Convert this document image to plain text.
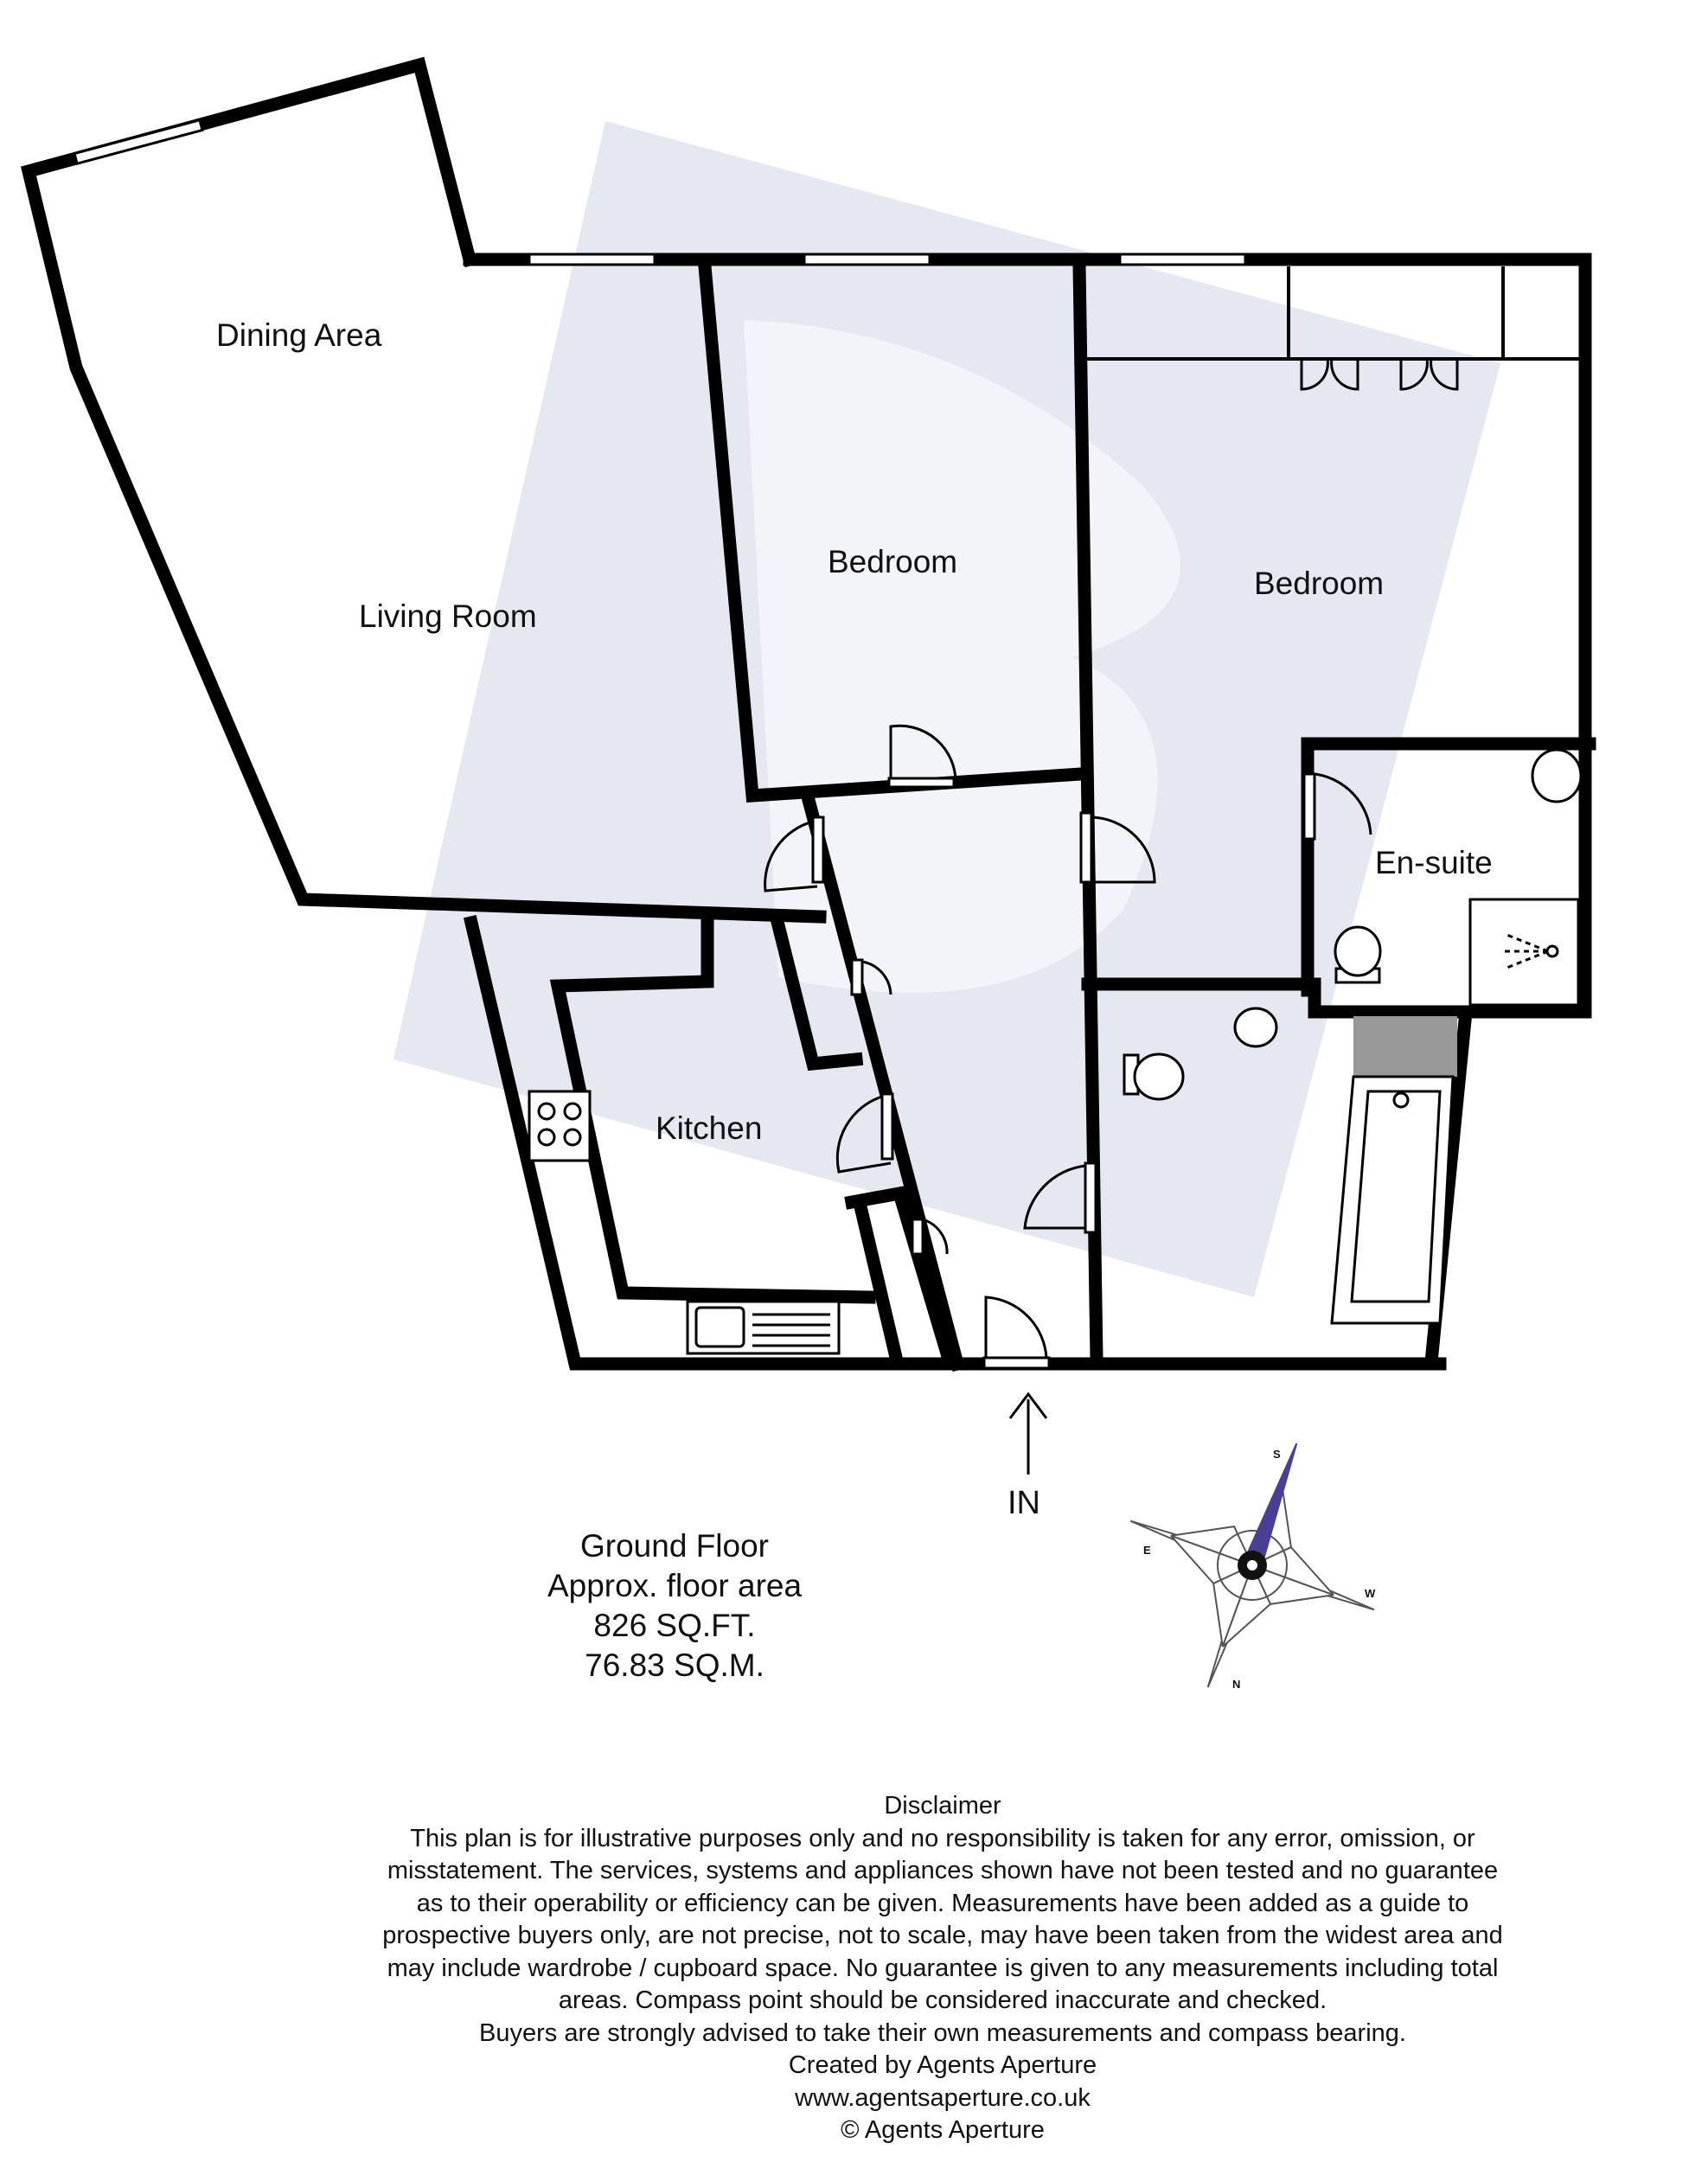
Dining Area
Living Room
Bedroom
Bedroom
En-suite
Kitchen
IN
S
E
W
N
Ground Floor
Approx. floor area
826 SQ.FT.
76.83 SQ.M.
Disclaimer
This plan is for illustrative purposes only and no responsibility is taken for any error, omission, or
misstatement. The services, systems and appliances shown have not been tested and no guarantee
as to their operability or efficiency can be given. Measurements have been added as a guide to
prospective buyers only, are not precise, not to scale, may have been taken from the widest area and
may include wardrobe / cupboard space. No guarantee is given to any measurements including total
areas. Compass point should be considered inaccurate and checked.
Buyers are strongly advised to take their own measurements and compass bearing.
Created by Agents Aperture
www.agentsaperture.co.uk
© Agents Aperture
